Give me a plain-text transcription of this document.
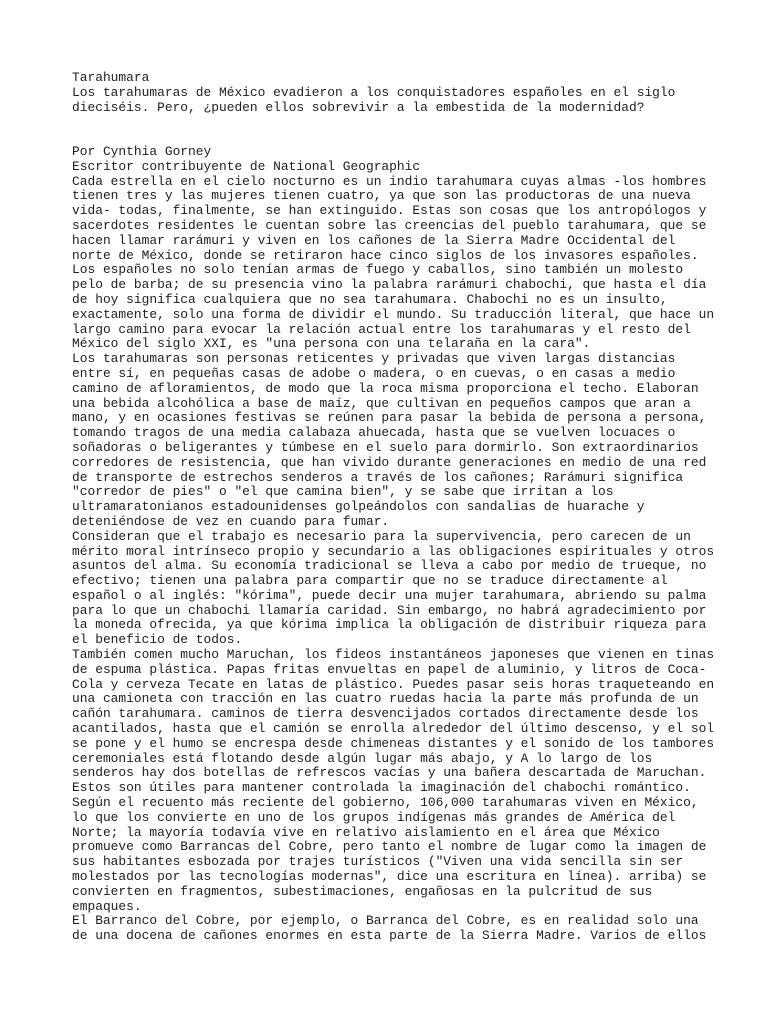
Tarahumara
Los tarahumaras de México evadieron a los conquistadores españoles en el siglo
dieciséis. Pero, ¿pueden ellos sobrevivir a la embestida de la modernidad?
Por Cynthia Gorney
Escritor contribuyente de National Geographic
Cada estrella en el cielo nocturno es un indio tarahumara cuyas almas -los hombres
tienen tres y las mujeres tienen cuatro, ya que son las productoras de una nueva
vida- todas, finalmente, se han extinguido. Estas son cosas que los antropólogos y
sacerdotes residentes le cuentan sobre las creencias del pueblo tarahumara, que se
hacen llamar rarámuri y viven en los cañones de la Sierra Madre Occidental del
norte de México, donde se retiraron hace cinco siglos de los invasores españoles.
Los españoles no solo tenían armas de fuego y caballos, sino también un molesto
pelo de barba; de su presencia vino la palabra rarámuri chabochi, que hasta el día
de hoy significa cualquiera que no sea tarahumara. Chabochi no es un insulto,
exactamente, solo una forma de dividir el mundo. Su traducción literal, que hace un
largo camino para evocar la relación actual entre los tarahumaras y el resto del
México del siglo XXI, es "una persona con una telaraña en la cara".
Los tarahumaras son personas reticentes y privadas que viven largas distancias
entre sí, en pequeñas casas de adobe o madera, o en cuevas, o en casas a medio
camino de afloramientos, de modo que la roca misma proporciona el techo. Elaboran
una bebida alcohólica a base de maíz, que cultivan en pequeños campos que aran a
mano, y en ocasiones festivas se reúnen para pasar la bebida de persona a persona,
tomando tragos de una media calabaza ahuecada, hasta que se vuelven locuaces o
soñadoras o beligerantes y túmbese en el suelo para dormirlo. Son extraordinarios
corredores de resistencia, que han vivido durante generaciones en medio de una red
de transporte de estrechos senderos a través de los cañones; Rarámuri significa
"corredor de pies" o "el que camina bien", y se sabe que irritan a los
ultramaratonianos estadounidenses golpeándolos con sandalias de huarache y
deteniéndose de vez en cuando para fumar.
Consideran que el trabajo es necesario para la supervivencia, pero carecen de un
mérito moral intrínseco propio y secundario a las obligaciones espirituales y otros
asuntos del alma. Su economía tradicional se lleva a cabo por medio de trueque, no
efectivo; tienen una palabra para compartir que no se traduce directamente al
español o al inglés: "kórima", puede decir una mujer tarahumara, abriendo su palma
para lo que un chabochi llamaría caridad. Sin embargo, no habrá agradecimiento por
la moneda ofrecida, ya que kórima implica la obligación de distribuir riqueza para
el beneficio de todos.
También comen mucho Maruchan, los fideos instantáneos japoneses que vienen en tinas
de espuma plástica. Papas fritas envueltas en papel de aluminio, y litros de Coca-
Cola y cerveza Tecate en latas de plástico. Puedes pasar seis horas traqueteando en
una camioneta con tracción en las cuatro ruedas hacia la parte más profunda de un
cañón tarahumara. caminos de tierra desvencijados cortados directamente desde los
acantilados, hasta que el camión se enrolla alrededor del último descenso, y el sol
se pone y el humo se encrespa desde chimeneas distantes y el sonido de los tambores
ceremoniales está flotando desde algún lugar más abajo, y A lo largo de los
senderos hay dos botellas de refrescos vacías y una bañera descartada de Maruchan.
Estos son útiles para mantener controlada la imaginación del chabochi romántico.
Según el recuento más reciente del gobierno, 106,000 tarahumaras viven en México,
lo que los convierte en uno de los grupos indígenas más grandes de América del
Norte; la mayoría todavía vive en relativo aislamiento en el área que México
promueve como Barrancas del Cobre, pero tanto el nombre de lugar como la imagen de
sus habitantes esbozada por trajes turísticos ("Viven una vida sencilla sin ser
molestados por las tecnologías modernas", dice una escritura en línea). arriba) se
convierten en fragmentos, subestimaciones, engañosas en la pulcritud de sus
empaques.
El Barranco del Cobre, por ejemplo, o Barranca del Cobre, es en realidad solo una
de una docena de cañones enormes en esta parte de la Sierra Madre. Varios de ellos
